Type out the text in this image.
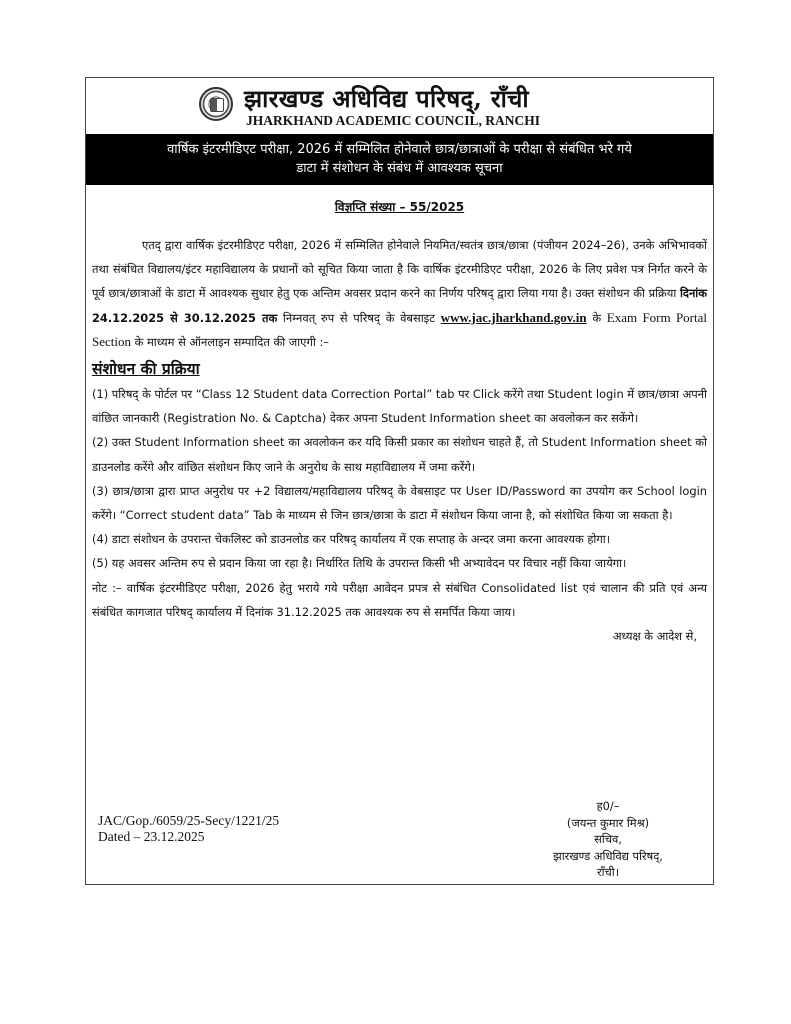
झारखण्ड अधिविद्य परिषद्, राँची
JHARKHAND ACADEMIC COUNCIL, RANCHI
वार्षिक इंटरमीडिएट परीक्षा, 2026 में सम्मिलित होनेवाले छात्र/छात्राओं के परीक्षा से संबंधित भरे गये
डाटा में संशोधन के संबंध में आवश्यक सूचना
विज्ञप्ति संख्या – 55/2025

एतद् द्वारा वार्षिक इंटरमीडिएट परीक्षा, 2026 में सम्मिलित होनेवाले नियमित/स्वतंत्र छात्र/छात्रा (पंजीयन 2024–26), उनके अभिभावकों तथा संबंधित विद्यालय/इंटर महाविद्यालय के प्रधानों को सूचित किया जाता है कि वार्षिक इंटरमीडिएट परीक्षा, 2026 के लिए प्रवेश पत्र निर्गत करने के पूर्व छात्र/छात्राओं के डाटा में आवश्यक सुधार हेतु एक अन्तिम अवसर प्रदान करने का निर्णय परिषद् द्वारा लिया गया है। उक्त संशोधन की प्रक्रिया दिनांक 24.12.2025 से 30.12.2025 तक निम्नवत् रुप से परिषद् के वेबसाइट www.jac.jharkhand.gov.in के Exam Form Portal Section के माध्यम से ऑनलाइन सम्पादित की जाएगी :–

संशोधन की प्रक्रिया

(1) परिषद् के पोर्टल पर “Class 12 Student data Correction Portal” tab पर Click करेंगे तथा Student login में छात्र/छात्रा अपनी वांछित जानकारी (Registration No. & Captcha) देकर अपना Student Information sheet का अवलोकन कर सकेंगे।

(2) उक्त Student Information sheet का अवलोकन कर यदि किसी प्रकार का संशोधन चाहते हैं, तो Student Information sheet को डाउनलोड करेंगे और वांछित संशोधन किए जाने के अनुरोध के साथ महाविद्यालय में जमा करेंगे।

(3) छात्र/छात्रा द्वारा प्राप्त अनुरोध पर +2 विद्यालय/महाविद्यालय परिषद् के वेबसाइट पर User ID/Password का उपयोग कर School login करेंगे। “Correct student data” Tab के माध्यम से जिन छात्र/छात्रा के डाटा में संशोधन किया जाना है, को संशोधित किया जा सकता है।

(4) डाटा संशोधन के उपरान्त चेकलिस्ट को डाउनलोड कर परिषद् कार्यालय में एक सप्ताह के अन्दर जमा करना आवश्यक होगा।

(5) यह अवसर अन्तिम रुप से प्रदान किया जा रहा है। निर्धारित तिथि के उपरान्त किसी भी अभ्यावेदन पर विचार नहीं किया जायेगा।

नोट :– वार्षिक इंटरमीडिएट परीक्षा, 2026 हेतु भराये गये परीक्षा आवेदन प्रपत्र से संबंधित Consolidated list एवं चालान की प्रति एवं अन्य संबंधित कागजात परिषद् कार्यालय में दिनांक 31.12.2025 तक आवश्यक रुप से समर्पित किया जाय।

अध्यक्ष के आदेश से,

JAC/Gop./6059/25-Secy/1221/25
Dated – 23.12.2025
ह0/–
(जयन्त कुमार मिश्र)
सचिव,
झारखण्ड अधिविद्य परिषद्,
राँची।
